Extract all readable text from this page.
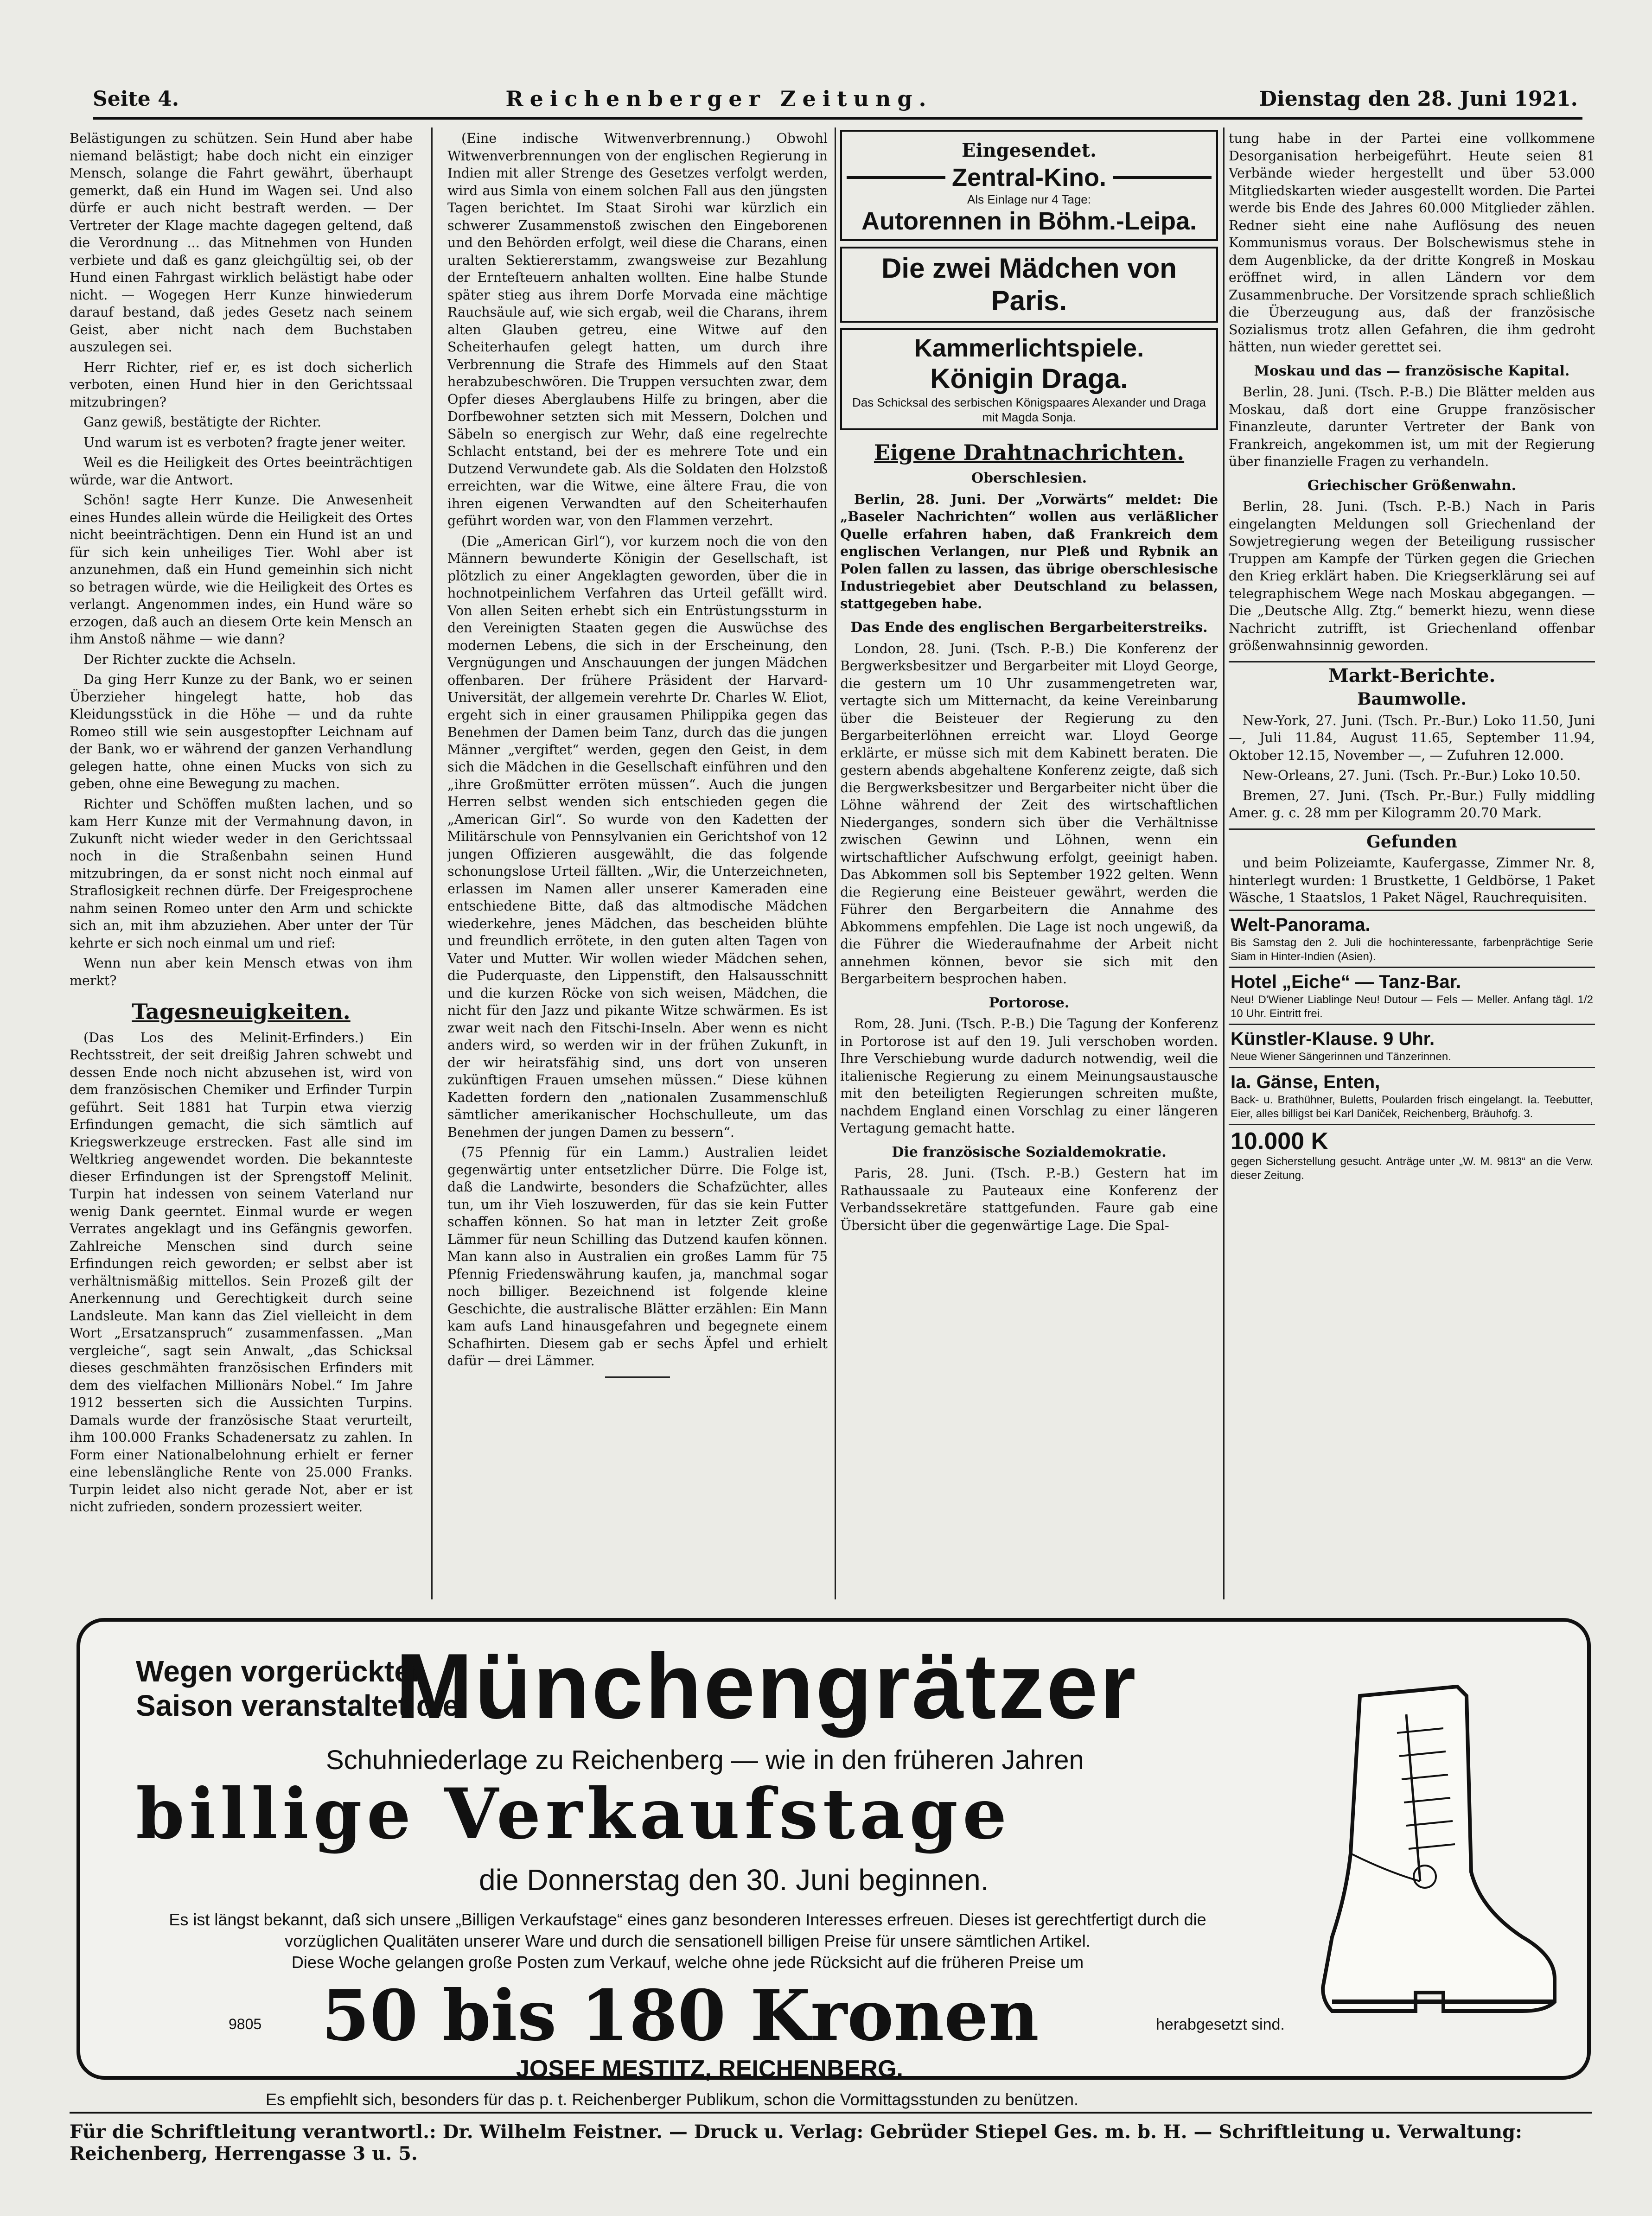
Seite 4.	Reichenberger Zeitung.	Dienstag den 28. Juni 1921.

Belästigungen zu schützen. Sein Hund aber habe niemand belästigt; habe doch nicht ein einziger Mensch, solange die Fahrt gewährt, überhaupt gemerkt, daß ein Hund im Wagen sei. Und also dürfe er auch nicht bestraft werden. — Der Vertreter der Klage machte dagegen geltend, daß die Verordnung ... das Mitnehmen von Hunden verbiete und daß es ganz gleichgültig sei, ob der Hund einen Fahrgast wirklich belästigt habe oder nicht. — Wogegen Herr Kunze hinwiederum darauf bestand, daß jedes Gesetz nach seinem Geist, aber nicht nach dem Buchstaben auszulegen sei.

Herr Richter, rief er, es ist doch sicherlich verboten, einen Hund hier in den Gerichtssaal mitzubringen?

Ganz gewiß, bestätigte der Richter.

Und warum ist es verboten? fragte jener weiter.

Weil es die Heiligkeit des Ortes beeinträchtigen würde, war die Antwort.

Schön! sagte Herr Kunze. Die Anwesenheit eines Hundes allein würde die Heiligkeit des Ortes nicht beeinträchtigen. Denn ein Hund ist an und für sich kein unheiliges Tier. Wohl aber ist anzunehmen, daß ein Hund gemeinhin sich nicht so betragen würde, wie die Heiligkeit des Ortes es verlangt. Angenommen indes, ein Hund wäre so erzogen, daß auch an diesem Orte kein Mensch an ihm Anstoß nähme — wie dann?

Der Richter zuckte die Achseln.

Da ging Herr Kunze zu der Bank, wo er seinen Überzieher hingelegt hatte, hob das Kleidungsstück in die Höhe — und da ruhte Romeo still wie sein ausgestopfter Leichnam auf der Bank, wo er während der ganzen Verhandlung gelegen hatte, ohne einen Mucks von sich zu geben, ohne eine Bewegung zu machen.

Richter und Schöffen mußten lachen, und so kam Herr Kunze mit der Vermahnung davon, in Zukunft nicht wieder weder in den Gerichtssaal noch in die Straßenbahn seinen Hund mitzubringen, da er sonst nicht noch einmal auf Straflosigkeit rechnen dürfe. Der Freigesprochene nahm seinen Romeo unter den Arm und schickte sich an, mit ihm abzuziehen. Aber unter der Tür kehrte er sich noch einmal um und rief:

Wenn nun aber kein Mensch etwas von ihm merkt?

Tagesneuigkeiten.

(Das Los des Melinit-Erfinders.) Ein Rechtsstreit, der seit dreißig Jahren schwebt und dessen Ende noch nicht abzusehen ist, wird von dem französischen Chemiker und Erfinder Turpin geführt. Seit 1881 hat Turpin etwa vierzig Erfindungen gemacht, die sich sämtlich auf Kriegswerkzeuge erstrecken. Fast alle sind im Weltkrieg angewendet worden. Die bekannteste dieser Erfindungen ist der Sprengstoff Melinit. Turpin hat indessen von seinem Vaterland nur wenig Dank geerntet. Einmal wurde er wegen Verrates angeklagt und ins Gefängnis geworfen. Zahlreiche Menschen sind durch seine Erfindungen reich geworden; er selbst aber ist verhältnismäßig mittellos. Sein Prozeß gilt der Anerkennung und Gerechtigkeit durch seine Landsleute. Man kann das Ziel vielleicht in dem Wort „Ersatzanspruch“ zusammenfassen. „Man vergleiche“, sagt sein Anwalt, „das Schicksal dieses geschmähten französischen Erfinders mit dem des vielfachen Millionärs Nobel.“ Im Jahre 1912 besserten sich die Aussichten Turpins. Damals wurde der französische Staat verurteilt, ihm 100.000 Franks Schadenersatz zu zahlen. In Form einer Nationalbelohnung erhielt er ferner eine lebenslängliche Rente von 25.000 Franks. Turpin leidet also nicht gerade Not, aber er ist nicht zufrieden, sondern prozessiert weiter.

(Eine indische Witwenverbrennung.) Obwohl Witwenverbrennungen von der englischen Regierung in Indien mit aller Strenge des Gesetzes verfolgt werden, wird aus Simla von einem solchen Fall aus den jüngsten Tagen berichtet. Im Staat Sirohi war kürzlich ein schwerer Zusammenstoß zwischen den Eingeborenen und den Behörden erfolgt, weil diese die Charans, einen uralten Sektiererstamm, zwangsweise zur Bezahlung der Ernteſteuern anhalten wollten. Eine halbe Stunde später stieg aus ihrem Dorfe Morvada eine mächtige Rauchsäule auf, wie sich ergab, weil die Charans, ihrem alten Glauben getreu, eine Witwe auf den Scheiterhaufen gelegt hatten, um durch ihre Verbrennung die Strafe des Himmels auf den Staat herabzubeschwören. Die Truppen versuchten zwar, dem Opfer dieses Aberglaubens Hilfe zu bringen, aber die Dorfbewohner setzten sich mit Messern, Dolchen und Säbeln so energisch zur Wehr, daß eine regelrechte Schlacht entstand, bei der es mehrere Tote und ein Dutzend Verwundete gab. Als die Soldaten den Holzstoß erreichten, war die Witwe, eine ältere Frau, die von ihren eigenen Verwandten auf den Scheiterhaufen geführt worden war, von den Flammen verzehrt.

(Die „American Girl“), vor kurzem noch die von den Männern bewunderte Königin der Gesellschaft, ist plötzlich zu einer Angeklagten geworden, über die in hochnotpeinlichem Verfahren das Urteil gefällt wird. Von allen Seiten erhebt sich ein Entrüstungssturm in den Vereinigten Staaten gegen die Auswüchse des modernen Lebens, die sich in der Erscheinung, den Vergnügungen und Anschauungen der jungen Mädchen offenbaren. Der frühere Präsident der Harvard-Universität, der allgemein verehrte Dr. Charles W. Eliot, ergeht sich in einer grausamen Philippika gegen das Benehmen der Damen beim Tanz, durch das die jungen Männer „vergiftet“ werden, gegen den Geist, in dem sich die Mädchen in die Gesellschaft einführen und den „ihre Großmütter erröten müssen“. Auch die jungen Herren selbst wenden sich entschieden gegen die „American Girl“. So wurde von den Kadetten der Militärschule von Pennsylvanien ein Gerichtshof von 12 jungen Offizieren ausgewählt, die das folgende schonungslose Urteil fällten. „Wir, die Unterzeichneten, erlassen im Namen aller unserer Kameraden eine entschiedene Bitte, daß das altmodische Mädchen wiederkehre, jenes Mädchen, das bescheiden blühte und freundlich errötete, in den guten alten Tagen von Vater und Mutter. Wir wollen wieder Mädchen sehen, die Puderquaste, den Lippenstift, den Halsausschnitt und die kurzen Röcke von sich weisen, Mädchen, die nicht für den Jazz und pikante Witze schwärmen. Es ist zwar weit nach den Fitschi-Inseln. Aber wenn es nicht anders wird, so werden wir in der frühen Zukunft, in der wir heiratsfähig sind, uns dort von unseren zukünftigen Frauen umsehen müssen.“ Diese kühnen Kadetten fordern den „nationalen Zusammenschluß sämtlicher amerikanischer Hochschulleute, um das Benehmen der jungen Damen zu bessern“.

(75 Pfennig für ein Lamm.) Australien leidet gegenwärtig unter entsetzlicher Dürre. Die Folge ist, daß die Landwirte, besonders die Schafzüchter, alles tun, um ihr Vieh loszuwerden, für das sie kein Futter schaffen können. So hat man in letzter Zeit große Lämmer für neun Schilling das Dutzend kaufen können. Man kann also in Australien ein großes Lamm für 75 Pfennig Friedenswährung kaufen, ja, manchmal sogar noch billiger. Bezeichnend ist folgende kleine Geschichte, die australische Blätter erzählen: Ein Mann kam aufs Land hinausgefahren und begegnete einem Schafhirten. Diesem gab er sechs Äpfel und erhielt dafür — drei Lämmer.

Eingesendet.
Zentral-Kino.
Als Einlage nur 4 Tage:
Autorennen in Böhm.-Leipa.
Die zwei Mädchen von Paris.
Kammerlichtspiele.
Königin Draga.
Das Schicksal des serbischen Königspaares Alexander und Draga mit Magda Sonja.
Eigene Drahtnachrichten.
Oberschlesien.

Berlin, 28. Juni. Der „Vorwärts“ meldet: Die „Baseler Nachrichten“ wollen aus verläßlicher Quelle erfahren haben, daß Frankreich dem englischen Verlangen, nur Pleß und Rybnik an Polen fallen zu lassen, das übrige oberschlesische Industriegebiet aber Deutschland zu belassen, stattgegeben habe.

Das Ende des englischen Bergarbeiterstreiks.

London, 28. Juni. (Tsch. P.-B.) Die Konferenz der Bergwerksbesitzer und Bergarbeiter mit Lloyd George, die gestern um 10 Uhr zusammengetreten war, vertagte sich um Mitternacht, da keine Vereinbarung über die Beisteuer der Regierung zu den Bergarbeiterlöhnen erreicht war. Lloyd George erklärte, er müsse sich mit dem Kabinett beraten. Die gestern abends abgehaltene Konferenz zeigte, daß sich die Bergwerksbesitzer und Bergarbeiter nicht über die Löhne während der Zeit des wirtschaftlichen Niederganges, sondern sich über die Verhältnisse zwischen Gewinn und Löhnen, wenn ein wirtschaftlicher Aufschwung erfolgt, geeinigt haben. Das Abkommen soll bis September 1922 gelten. Wenn die Regierung eine Beisteuer gewährt, werden die Führer den Bergarbeitern die Annahme des Abkommens empfehlen. Die Lage ist noch ungewiß, da die Führer die Wiederaufnahme der Arbeit nicht annehmen können, bevor sie sich mit den Bergarbeitern besprochen haben.

Portorose.

Rom, 28. Juni. (Tsch. P.-B.) Die Tagung der Konferenz in Portorose ist auf den 19. Juli verschoben worden. Ihre Verschiebung wurde dadurch notwendig, weil die italienische Regierung zu einem Meinungsaustausche mit den beteiligten Regierungen schreiten mußte, nachdem England einen Vorschlag zu einer längeren Vertagung gemacht hatte.

Die französische Sozialdemokratie.

Paris, 28. Juni. (Tsch. P.-B.) Gestern hat im Rathaussaale zu Pauteaux eine Konferenz der Verbandssekretäre stattgefunden. Faure gab eine Übersicht über die gegenwärtige Lage. Die Spal-

tung habe in der Partei eine vollkommene Desorganisation herbeigeführt. Heute seien 81 Verbände wieder hergestellt und über 53.000 Mitgliedskarten wieder ausgestellt worden. Die Partei werde bis Ende des Jahres 60.000 Mitglieder zählen. Redner sieht eine nahe Auflösung des neuen Kommunismus voraus. Der Bolschewismus stehe in dem Augenblicke, da der dritte Kongreß in Moskau eröffnet wird, in allen Ländern vor dem Zusammenbruche. Der Vorsitzende sprach schließlich die Überzeugung aus, daß der französische Sozialismus trotz allen Gefahren, die ihm gedroht hätten, nun wieder gerettet sei.

Moskau und das — französische Kapital.

Berlin, 28. Juni. (Tsch. P.-B.) Die Blätter melden aus Moskau, daß dort eine Gruppe französischer Finanzleute, darunter Vertreter der Bank von Frankreich, angekommen ist, um mit der Regierung über finanzielle Fragen zu verhandeln.

Griechischer Größenwahn.

Berlin, 28. Juni. (Tsch. P.-B.) Nach in Paris eingelangten Meldungen soll Griechenland der Sowjetregierung wegen der Beteiligung russischer Truppen am Kampfe der Türken gegen die Griechen den Krieg erklärt haben. Die Kriegserklärung sei auf telegraphischem Wege nach Moskau abgegangen. — Die „Deutsche Allg. Ztg.“ bemerkt hiezu, wenn diese Nachricht zutrifft, ist Griechenland offenbar größenwahnsinnig geworden.

Markt-Berichte.
Baumwolle.

New-York, 27. Juni. (Tsch. Pr.-Bur.) Loko 11.50, Juni —, Juli 11.84, August 11.65, September 11.94, Oktober 12.15, November —, — Zufuhren 12.000.

New-Orleans, 27. Juni. (Tsch. Pr.-Bur.) Loko 10.50.

Bremen, 27. Juni. (Tsch. Pr.-Bur.) Fully middling Amer. g. c. 28 mm per Kilogramm 20.70 Mark.

Gefunden

und beim Polizeiamte, Kaufergasse, Zimmer Nr. 8, hinterlegt wurden: 1 Brustkette, 1 Geldbörse, 1 Paket Wäsche, 1 Staatslos, 1 Paket Nägel, Rauchrequisiten.

Welt-Panorama.
Bis Samstag den 2. Juli die hochinteressante, farbenprächtige Serie Siam in Hinter-Indien (Asien).
Hotel „Eiche“ — Tanz-Bar.
Neu! D'Wiener Liablinge Neu! Dutour — Fels — Meller. Anfang tägl. 1/2 10 Uhr. Eintritt frei.
Künstler-Klause. 9 Uhr.
Neue Wiener Sängerinnen und Tänzerinnen.
Ia. Gänse, Enten,
Back- u. Brathühner, Buletts, Poularden frisch eingelangt. Ia. Teebutter, Eier, alles billigst bei Karl Daniček, Reichenberg, Bräuhofg. 3.
10.000 K
gegen Sicherstellung gesucht. Anträge unter „W. M. 9813“ an die Verw. dieser Zeitung.
Wegen vorgerückter
Saison veranstaltet die
Münchengrätzer
Schuhniederlage zu Reichenberg — wie in den früheren Jahren
billige Verkaufstage
die Donnerstag den 30. Juni beginnen.
Es ist längst bekannt, daß sich unsere „Billigen Verkaufstage“ eines ganz besonderen Interesses erfreuen. Dieses ist gerechtfertigt durch die vorzüglichen Qualitäten unserer Ware und durch die sensationell billigen Preise für unsere sämtlichen Artikel.
Diese Woche gelangen große Posten zum Verkauf, welche ohne jede Rücksicht auf die früheren Preise um
9805 50 bis 180 Kronen	herabgesetzt sind.
JOSEF MESTITZ, REICHENBERG.
Es empfiehlt sich, besonders für das p. t. Reichenberger Publikum, schon die Vormittagsstunden zu benützen.
Für die Schriftleitung verantwortl.: Dr. Wilhelm Feistner. — Druck u. Verlag: Gebrüder Stiepel Ges. m. b. H. — Schriftleitung u. Verwaltung: Reichenberg, Herrengasse 3 u. 5.
